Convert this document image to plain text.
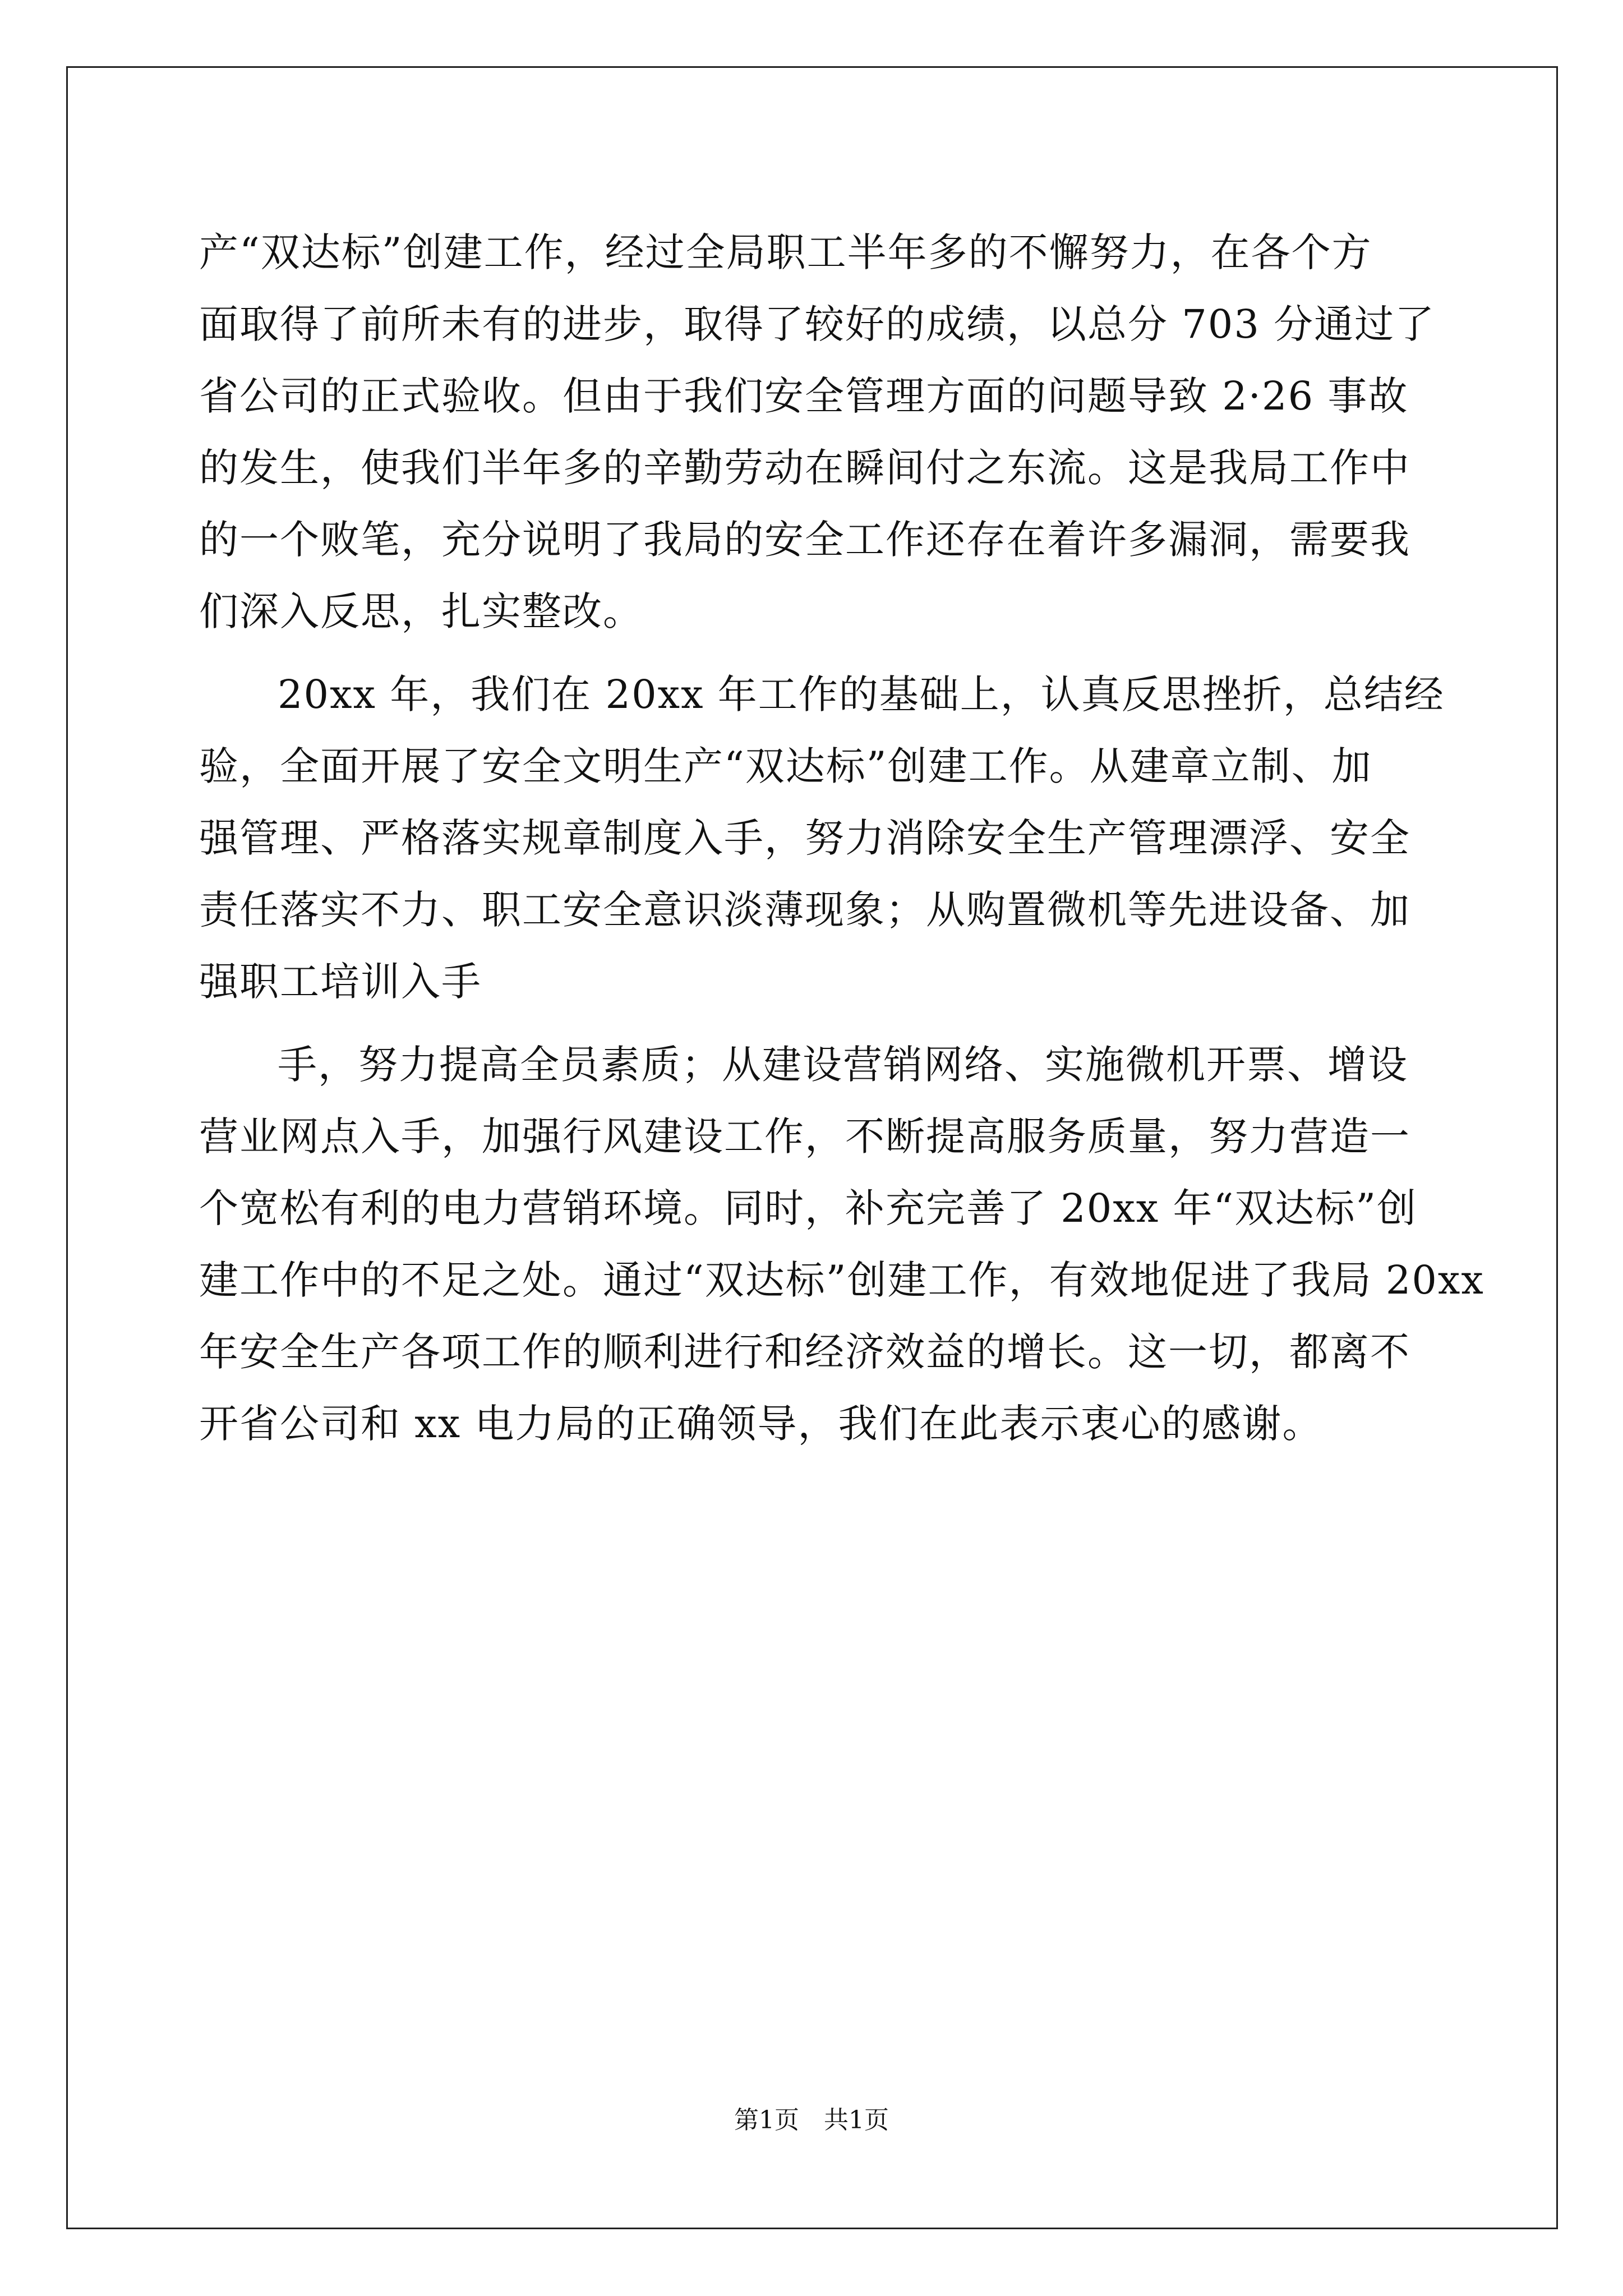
产“双达标”创建工作，经过全局职工半年多的不懈努力，在各个方
面取得了前所未有的进步，取得了较好的成绩，以总分 703 分通过了
省公司的正式验收。但由于我们安全管理方面的问题导致 2·26 事故
的发生，使我们半年多的辛勤劳动在瞬间付之东流。这是我局工作中
的一个败笔，充分说明了我局的安全工作还存在着许多漏洞，需要我
们深入反思，扎实整改。
20xx 年，我们在 20xx 年工作的基础上，认真反思挫折，总结经
验，全面开展了安全文明生产“双达标”创建工作。从建章立制、加
强管理、严格落实规章制度入手，努力消除安全生产管理漂浮、安全
责任落实不力、职工安全意识淡薄现象；从购置微机等先进设备、加
强职工培训入手
手，努力提高全员素质；从建设营销网络、实施微机开票、增设
营业网点入手，加强行风建设工作，不断提高服务质量，努力营造一
个宽松有利的电力营销环境。同时，补充完善了 20xx 年“双达标”创
建工作中的不足之处。通过“双达标”创建工作，有效地促进了我局 20xx
年安全生产各项工作的顺利进行和经济效益的增长。这一切，都离不
开省公司和 xx 电力局的正确领导，我们在此表示衷心的感谢。
第1页　共1页
